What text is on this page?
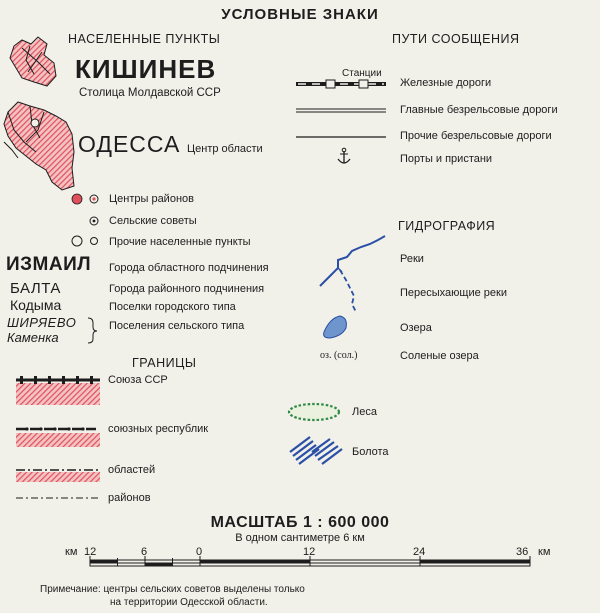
УСЛОВНЫЕ ЗНАКИ
НАСЕЛЕННЫЕ ПУНКТЫ
КИШИНЕВ
Столица Молдавской ССР
ОДЕССА Центр области
Центры районов
Сельские советы
Прочие населенные пункты
ИЗМАИЛ Города областного подчинения
БАЛТА	Города районного подчинения
Кодыма	Поселки городского типа
ШИРЯЕВО	Поселения сельского типа
Каменка
ГРАНИЦЫ
Союза ССР
союзных республик
областей
районов
ПУТИ СООБЩЕНИЯ
Станции
Железные дороги
Главные безрельсовые дороги
Прочие безрельсовые дороги
Порты и пристани
ГИДРОГРАФИЯ
Реки
Пересыхающие реки
Озера
оз. (сол.)	Соленые озера
Леса
Болота
МАСШТАБ 1 : 600 000
В одном сантиметре 6 км
км 12	6	0	12	24	36 км
Примечание: центры сельских советов выделены только
на территории Одесской области.
